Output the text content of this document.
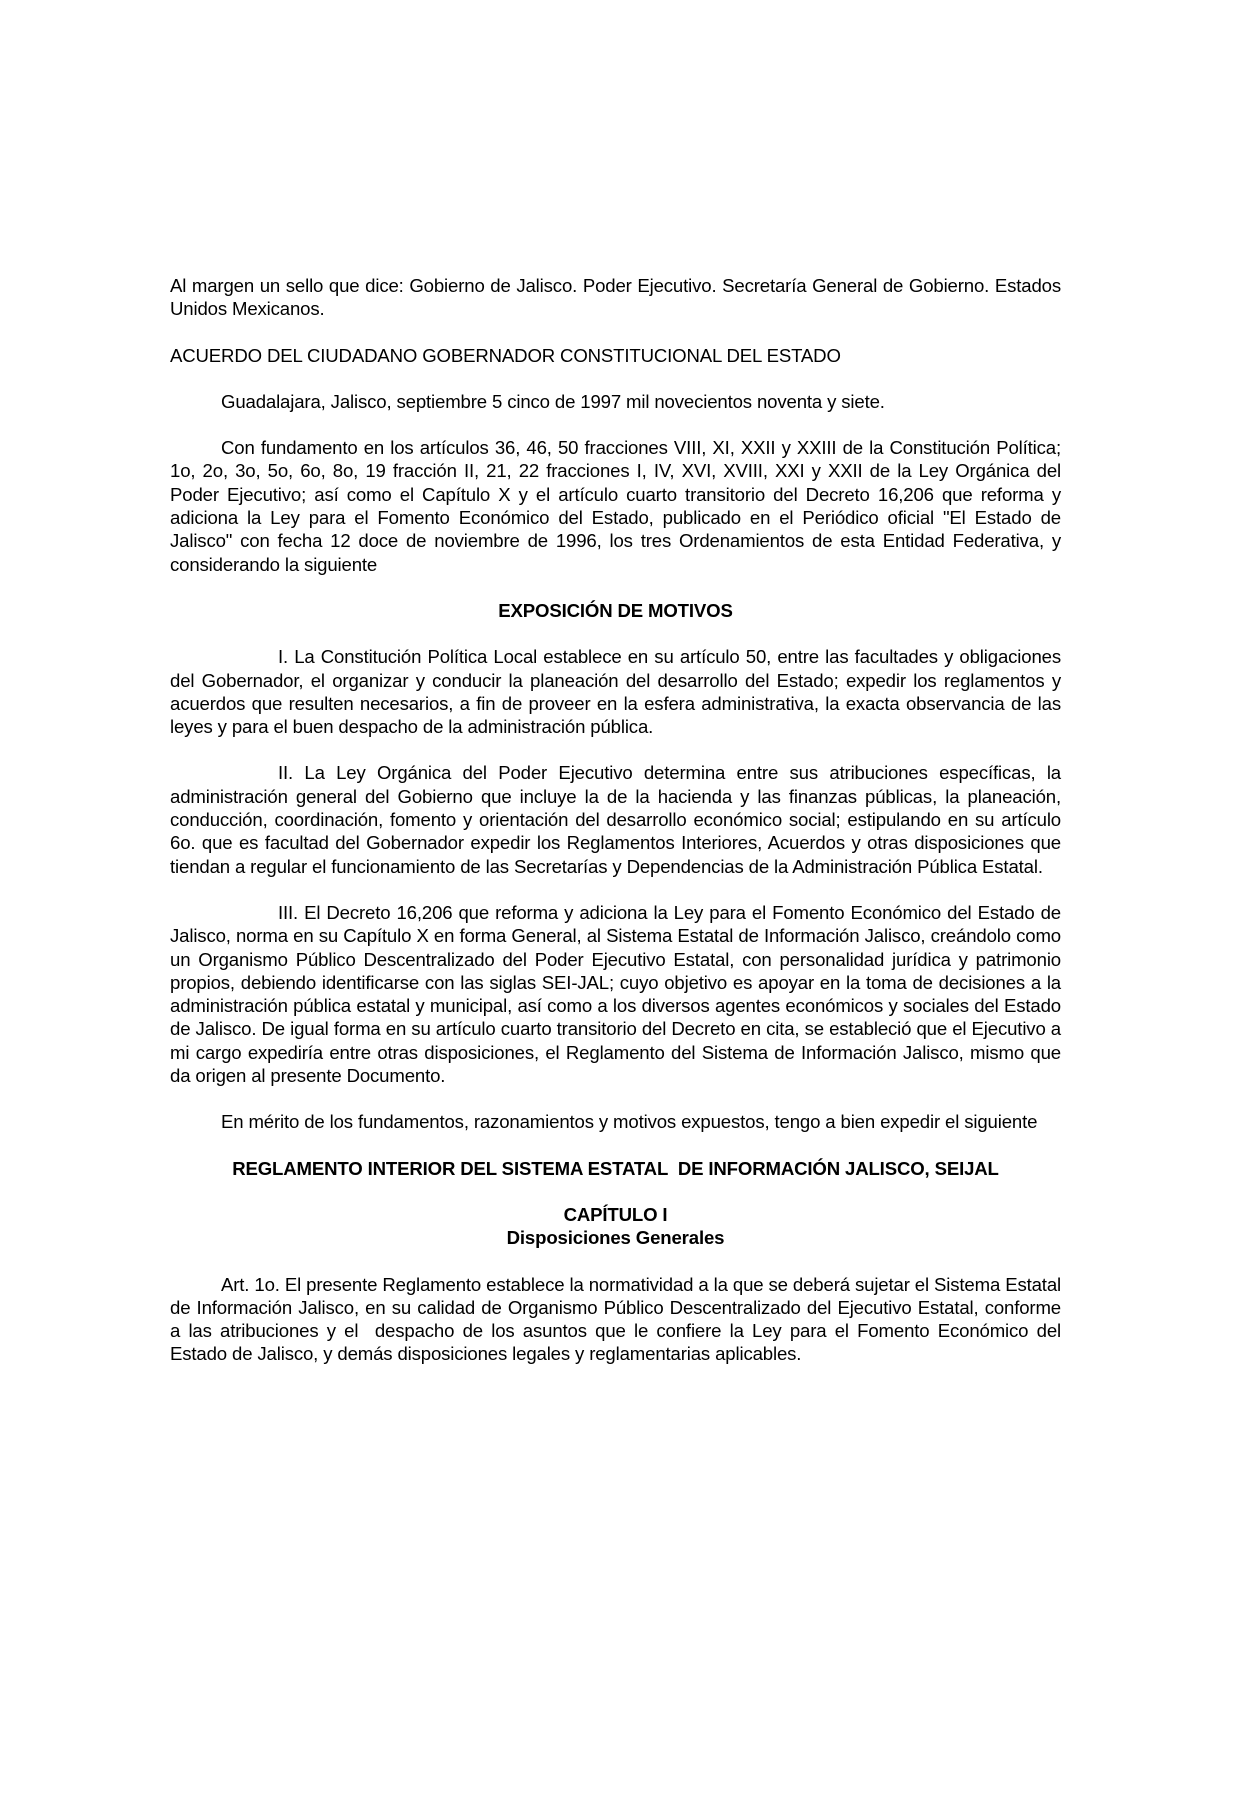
Al margen un sello que dice: Gobierno de Jalisco. Poder Ejecutivo. Secretaría General de Gobierno. Estados Unidos Mexicanos.

ACUERDO DEL CIUDADANO GOBERNADOR CONSTITUCIONAL DEL ESTADO

Guadalajara, Jalisco, septiembre 5 cinco de 1997 mil novecientos noventa y siete.

Con fundamento en los artículos 36, 46, 50 fracciones VIII, XI, XXII y XXIII de la Constitución Política; 1o, 2o, 3o, 5o, 6o, 8o, 19 fracción II, 21, 22 fracciones I, IV, XVI, XVIII, XXI y XXII de la Ley Orgánica del Poder Ejecutivo; así como el Capítulo X y el artículo cuarto transitorio del Decreto 16,206 que reforma y adiciona la Ley para el Fomento Económico del Estado, publicado en el Periódico oficial "El Estado de Jalisco" con fecha 12 doce de noviembre de 1996, los tres Ordenamientos de esta Entidad Federativa, y considerando la siguiente

EXPOSICIÓN DE MOTIVOS

I. La Constitución Política Local establece en su artículo 50, entre las facultades y obligaciones del Gobernador, el organizar y conducir la planeación del desarrollo del Estado; expedir los reglamentos y acuerdos que resulten necesarios, a fin de proveer en la esfera administrativa, la exacta observancia de las leyes y para el buen despacho de la administración pública.

II. La Ley Orgánica del Poder Ejecutivo determina entre sus atribuciones específicas, la administración general del Gobierno que incluye la de la hacienda y las finanzas públicas, la planeación, conducción, coordinación, fomento y orientación del desarrollo económico social; estipulando en su artículo 6o. que es facultad del Gobernador expedir los Reglamentos Interiores, Acuerdos y otras disposiciones que       tiendan a regular el funcionamiento de las Secretarías y Dependencias de la Administración Pública Estatal.

III. El Decreto 16,206 que reforma y adiciona la Ley para el Fomento Económico del Estado de Jalisco, norma en su Capítulo X en forma General, al Sistema Estatal de Información Jalisco, creándolo como un Organismo Público Descentralizado del Poder Ejecutivo Estatal, con personalidad jurídica y patrimonio propios, debiendo identificarse con las siglas SEI-JAL; cuyo objetivo es apoyar en la toma de decisiones a la administración pública estatal y municipal, así como a los diversos agentes económicos y sociales del Estado de Jalisco. De igual forma en su artículo cuarto transitorio del Decreto en cita, se estableció que el Ejecutivo a mi cargo expediría entre otras disposiciones, el Reglamento del Sistema de Información Jalisco, mismo que da origen al presente Documento.

En mérito de los fundamentos, razonamientos y motivos expuestos, tengo a bien expedir el siguiente

REGLAMENTO INTERIOR DEL SISTEMA ESTATAL  DE INFORMACIÓN JALISCO, SEIJAL

CAPÍTULO I

Disposiciones Generales

Art. 1o. El presente Reglamento establece la normatividad a la que se deberá sujetar el Sistema Estatal de Información Jalisco, en su calidad de Organismo Público Descentralizado del Ejecutivo Estatal, conforme a las atribuciones y el  despacho de los asuntos que le confiere la Ley para el Fomento Económico del Estado de Jalisco, y demás disposiciones legales y reglamentarias aplicables.
